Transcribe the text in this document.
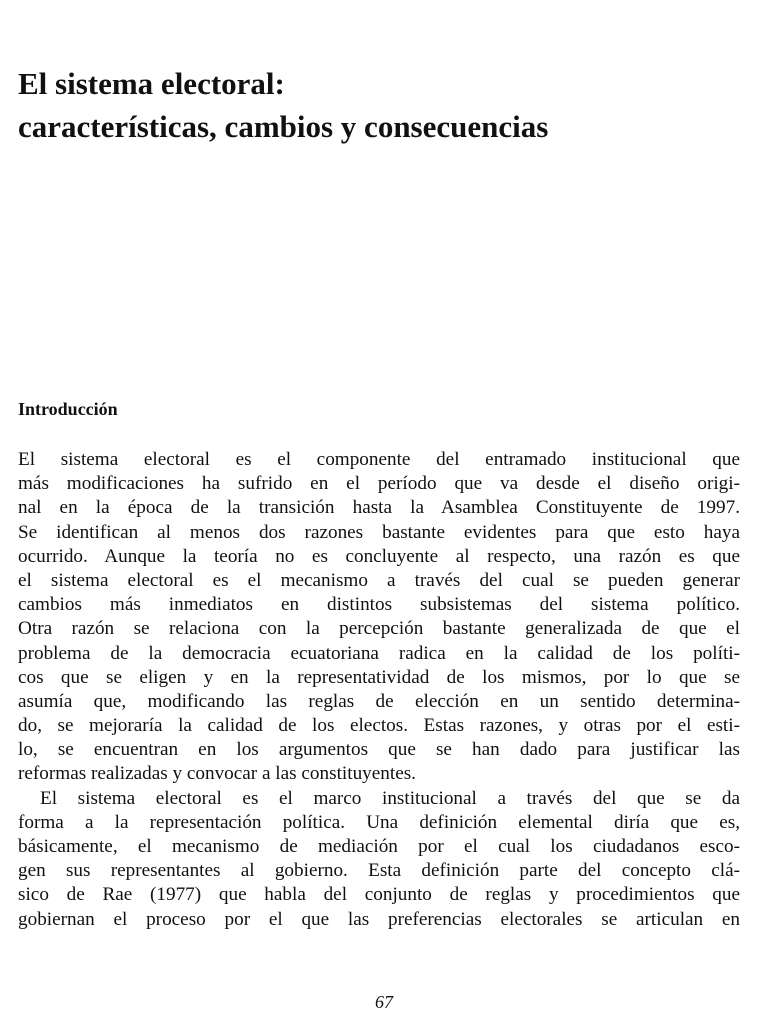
El sistema electoral:
características, cambios y consecuencias
Introducción
El sistema electoral es el componente del entramado institucional que
más modificaciones ha sufrido en el período que va desde el diseño origi-
nal en la época de la transición hasta la Asamblea Constituyente de 1997.
Se identifican al menos dos razones bastante evidentes para que esto haya
ocurrido. Aunque la teoría no es concluyente al respecto, una razón es que
el sistema electoral es el mecanismo a través del cual se pueden generar
cambios más inmediatos en distintos subsistemas del sistema político.
Otra razón se relaciona con la percepción bastante generalizada de que el
problema de la democracia ecuatoriana radica en la calidad de los políti-
cos que se eligen y en la representatividad de los mismos, por lo que se
asumía que, modificando las reglas de elección en un sentido determina-
do, se mejoraría la calidad de los electos. Estas razones, y otras por el esti-
lo, se encuentran en los argumentos que se han dado para justificar las
reformas realizadas y convocar a las constituyentes.
El sistema electoral es el marco institucional a través del que se da
forma a la representación política. Una definición elemental diría que es,
básicamente, el mecanismo de mediación por el cual los ciudadanos esco-
gen sus representantes al gobierno. Esta definición parte del concepto clá-
sico de Rae (1977) que habla del conjunto de reglas y procedimientos que
gobiernan el proceso por el que las preferencias electorales se articulan en
67
